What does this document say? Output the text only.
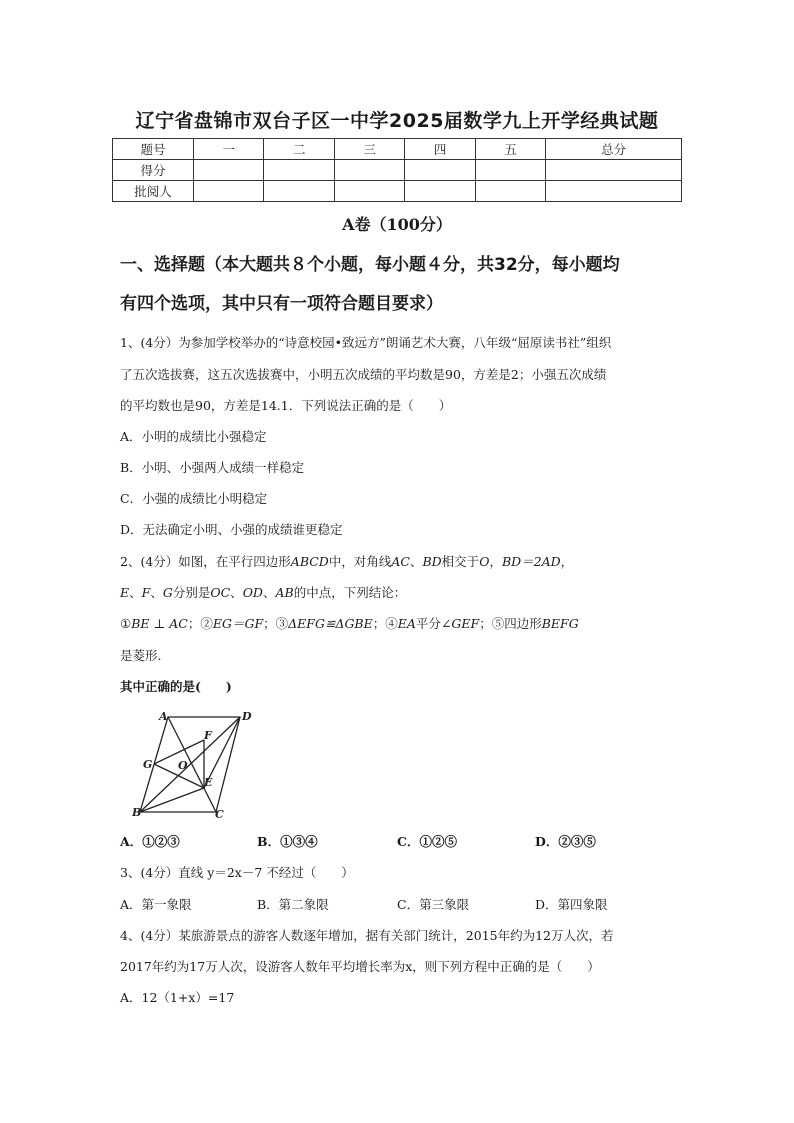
辽宁省盘锦市双台子区一中学2025届数学九上开学经典试题
题号	一	二	三	四	五	总分
得分						
批阅人						
A卷（100分）
一、选择题（本大题共８个小题，每小题４分，共32分，每小题均
有四个选项，其中只有一项符合题目要求）
1、(4分）为参加学校举办的“诗意校园•致远方”朗诵艺术大赛，八年级“屈原读书社”组织
了五次选拔赛，这五次选拔赛中，小明五次成绩的平均数是90，方差是2；小强五次成绩
的平均数也是90，方差是14.1．下列说法正确的是（　　）
A．小明的成绩比小强稳定
B．小明、小强两人成绩一样稳定
C．小强的成绩比小明稳定
D．无法确定小明、小强的成绩谁更稳定
2、(4分）如图，在平行四边形ABCD中，对角线AC、BD相交于O，BD＝2AD，
E、F、G分别是OC、OD、AB的中点，下列结论：
①BE ⊥ AC；②EG＝GF；③ΔEFG≌ΔGBE；④EA平分∠GEF；⑤四边形BEFG
是菱形.
其中正确的是(　　)
A	D
F
G O
E
B	C
A．①②③	B．①③④	C．①②⑤	D．②③⑤
3、(4分）直线 y＝2x－7 不经过（　　）
A．第一象限	B．第二象限	C．第三象限	D．第四象限
4、(4分）某旅游景点的游客人数逐年增加，据有关部门统计，2015年约为12万人次，若
2017年约为17万人次，设游客人数年平均增长率为x，则下列方程中正确的是（　　）
A．12（1+x）=17
